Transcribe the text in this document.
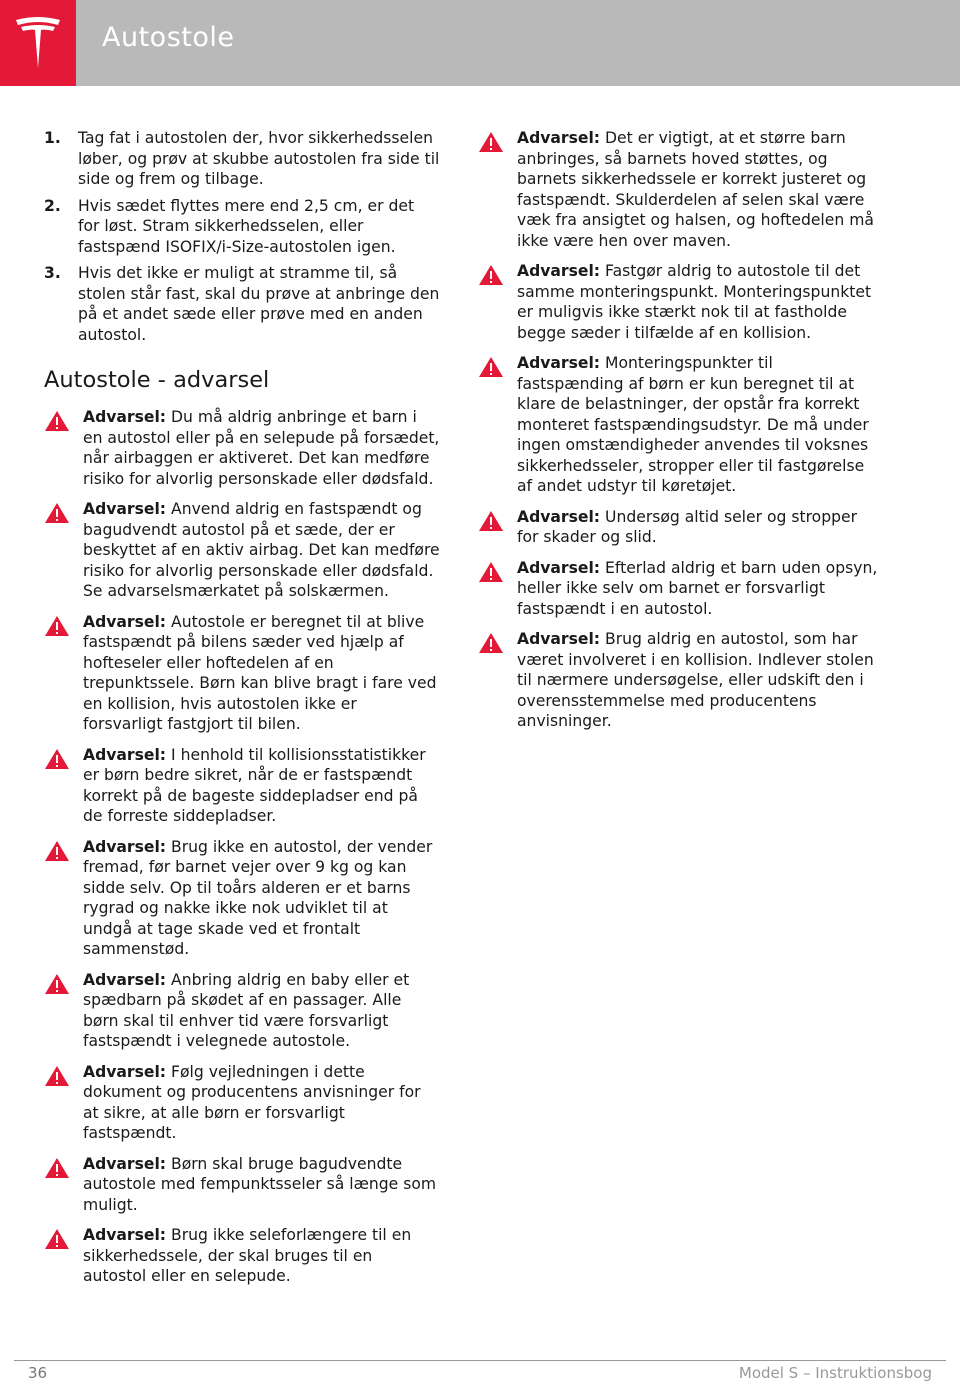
Autostole
1. Tag fat i autostolen der, hvor sikkerhedsselen løber, og prøv at skubbe autostolen fra side til side og frem og tilbage.
2. Hvis sædet flyttes mere end 2,5 cm, er det for løst. Stram sikkerhedsselen, eller fastspænd ISOFIX/i-Size-autostolen igen.
3. Hvis det ikke er muligt at stramme til, så stolen står fast, skal du prøve at anbringe den på et andet sæde eller prøve med en anden autostol.
Autostole - advarsel
Advarsel: Du må aldrig anbringe et barn i en autostol eller på en selepude på forsædet, når airbaggen er aktiveret. Det kan medføre risiko for alvorlig personskade eller dødsfald.
Advarsel: Anvend aldrig en fastspændt og bagudvendt autostol på et sæde, der er beskyttet af en aktiv airbag. Det kan medføre risiko for alvorlig personskade eller dødsfald. Se advarselsmærkatet på solskærmen.
Advarsel: Autostole er beregnet til at blive fastspændt på bilens sæder ved hjælp af hofteseler eller hoftedelen af en trepunktssele. Børn kan blive bragt i fare ved en kollision, hvis autostolen ikke er forsvarligt fastgjort til bilen.
Advarsel: I henhold til kollisionsstatistikker er børn bedre sikret, når de er fastspændt korrekt på de bageste siddepladser end på de forreste siddepladser.
Advarsel: Brug ikke en autostol, der vender fremad, før barnet vejer over 9 kg og kan sidde selv. Op til toårs alderen er et barns rygrad og nakke ikke nok udviklet til at undgå at tage skade ved et frontalt sammenstød.
Advarsel: Anbring aldrig en baby eller et spædbarn på skødet af en passager. Alle børn skal til enhver tid være forsvarligt fastspændt i velegnede autostole.
Advarsel: Følg vejledningen i dette dokument og producentens anvisninger for at sikre, at alle børn er forsvarligt fastspændt.
Advarsel: Børn skal bruge bagudvendte autostole med fempunktsseler så længe som muligt.
Advarsel: Brug ikke seleforlængere til en sikkerhedssele, der skal bruges til en autostol eller en selepude.
Advarsel: Det er vigtigt, at et større barn anbringes, så barnets hoved støttes, og barnets sikkerhedssele er korrekt justeret og fastspændt. Skulderdelen af selen skal være væk fra ansigtet og halsen, og hoftedelen må ikke være hen over maven.
Advarsel: Fastgør aldrig to autostole til det samme monteringspunkt. Monteringspunktet er muligvis ikke stærkt nok til at fastholde begge sæder i tilfælde af en kollision.
Advarsel: Monteringspunkter til fastspænding af børn er kun beregnet til at klare de belastninger, der opstår fra korrekt monteret fastspændingsudstyr. De må under ingen omstændigheder anvendes til voksnes sikkerhedsseler, stropper eller til fastgørelse af andet udstyr til køretøjet.
Advarsel: Undersøg altid seler og stropper for skader og slid.
Advarsel: Efterlad aldrig et barn uden opsyn, heller ikke selv om barnet er forsvarligt fastspændt i en autostol.
Advarsel: Brug aldrig en autostol, som har været involveret i en kollision. Indlever stolen til nærmere undersøgelse, eller udskift den i overensstemmelse med producentens anvisninger.
36	Model S – Instruktionsbog
